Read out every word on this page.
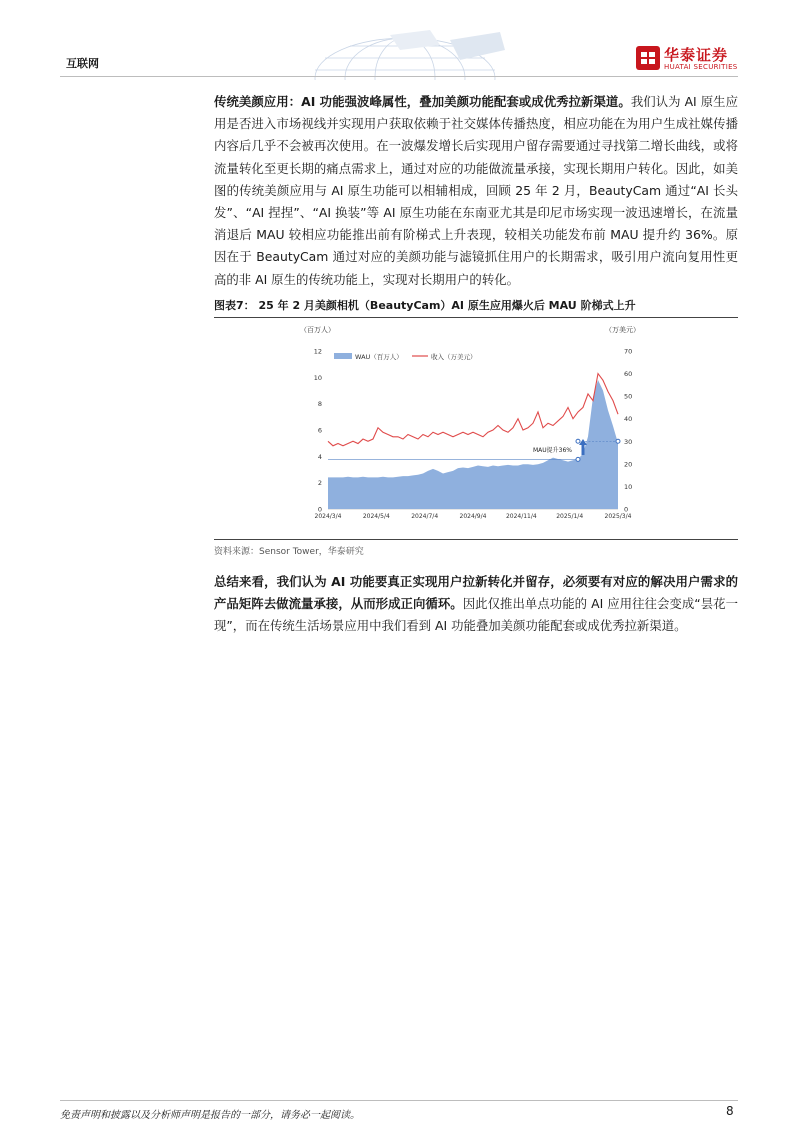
互联网	华泰证券
HUATAI SECURITIES
传统美颜应用：AI 功能强波峰属性，叠加美颜功能配套或成优秀拉新渠道。我们认为 AI 原生应用是否进入市场视线并实现用户获取依赖于社交媒体传播热度，相应功能在为用户生成社媒传播内容后几乎不会被再次使用。在一波爆发增长后实现用户留存需要通过寻找第二增长曲线，或将流量转化至更长期的痛点需求上，通过对应的功能做流量承接，实现长期用户转化。因此，如美图的传统美颜应用与 AI 原生功能可以相辅相成，回顾 25 年 2 月，BeautyCam 通过“AI 长头发”、“AI 捏捏”、“AI 换装”等 AI 原生功能在东南亚尤其是印尼市场实现一波迅速增长，在流量消退后 MAU 较相应功能推出前有阶梯式上升表现，较相关功能发布前 MAU 提升约 36%。原因在于 BeautyCam 通过对应的美颜功能与滤镜抓住用户的长期需求，吸引用户流向复用性更高的非 AI 原生的传统功能上，实现对长期用户的转化。
图表7： 25 年 2 月美颜相机（BeautyCam）AI 原生应用爆火后 MAU 阶梯式上升
（百万人）	（万美元）
0
2
4
6
8
10
12
0
10
20
30
40
50
60
70
2024/3/4	2024/5/4	2024/7/4	2024/9/4	2024/11/4	2025/1/4	2025/3/4
WAU（百万人）	收入（万美元）
MAU提升36%
资料来源：Sensor Tower，华泰研究
总结来看，我们认为 AI 功能要真正实现用户拉新转化并留存，必须要有对应的解决用户需求的产品矩阵去做流量承接，从而形成正向循环。因此仅推出单点功能的 AI 应用往往会变成“昙花一现”，而在传统生活场景应用中我们看到 AI 功能叠加美颜功能配套或成优秀拉新渠道。
免责声明和披露以及分析师声明是报告的一部分，请务必一起阅读。	8
